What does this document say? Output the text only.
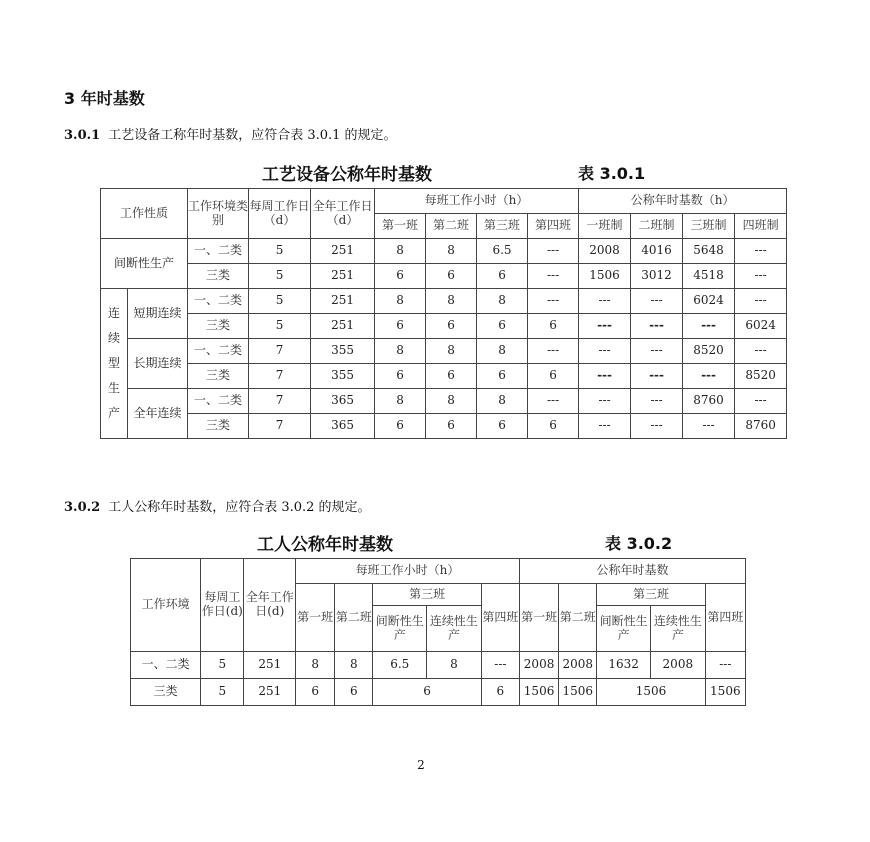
3 年时基数
3.0.1 工艺设备工称年时基数，应符合表 3.0.1 的规定。
工艺设备公称年时基数	表 3.0.1
工作性质		工作环境类别	每周工作日（d）	全年工作日（d）	每班工作小时（h）				公称年时基数（h）			
					第一班	第二班	第三班	第四班	一班制	二班制	三班制	四班制
间断性生产		一、二类	5	251	8	8	6.5	---	2008	4016	5648	---
		三类	5	251	6	6	6	---	1506	3012	4518	---

连
续
型
生
产	短期连续	一、二类	5	251	8	8	8	---	---	---	6024	---
		三类	5	251	6	6	6	6	---	---	---	6024
	长期连续	一、二类	7	355	8	8	8	---	---	---	8520	---
		三类	7	355	6	6	6	6	---	---	---	8520
	全年连续	一、二类	7	365	8	8	8	---	---	---	8760	---
		三类	7	365	6	6	6	6	---	---	---	8760
3.0.2 工人公称年时基数，应符合表 3.0.2 的规定。
工人公称年时基数	表 3.0.2
工作环境	每周工作日(d)	全年工作日(d)	每班工作小时（h）					公称年时基数				
			第一班	第二班	第三班		第四班	第一班	第二班	第三班		第四班
					间断性生产	连续性生产				间断性生产	连续性生产	
一、二类	5	251	8	8	6.5	8	---	2008	2008	1632	2008	---
三类	5	251	6	6	6		6	1506	1506	1506		1506
2
